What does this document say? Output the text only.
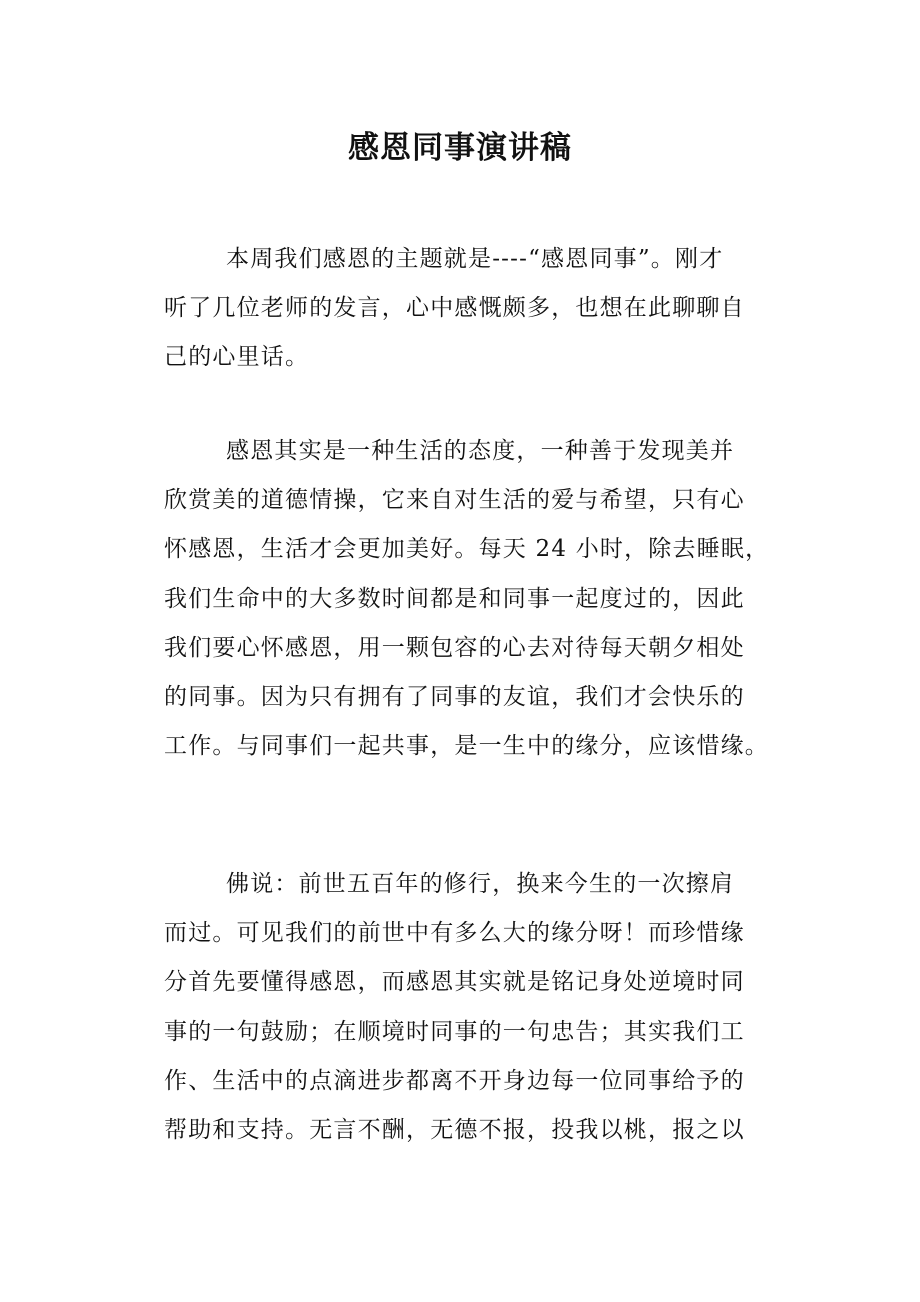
感恩同事演讲稿
本周我们感恩的主题就是----“感恩同事”。刚才
听了几位老师的发言，心中感慨颇多，也想在此聊聊自
己的心里话。
感恩其实是一种生活的态度，一种善于发现美并
欣赏美的道德情操，它来自对生活的爱与希望，只有心
怀感恩，生活才会更加美好。每天 24 小时，除去睡眠，
我们生命中的大多数时间都是和同事一起度过的，因此
我们要心怀感恩，用一颗包容的心去对待每天朝夕相处
的同事。因为只有拥有了同事的友谊，我们才会快乐的
工作。与同事们一起共事，是一生中的缘分，应该惜缘。
佛说：前世五百年的修行，换来今生的一次擦肩
而过。可见我们的前世中有多么大的缘分呀！而珍惜缘
分首先要懂得感恩，而感恩其实就是铭记身处逆境时同
事的一句鼓励；在顺境时同事的一句忠告；其实我们工
作、生活中的点滴进步都离不开身边每一位同事给予的
帮助和支持。无言不酬，无德不报，投我以桃，报之以
